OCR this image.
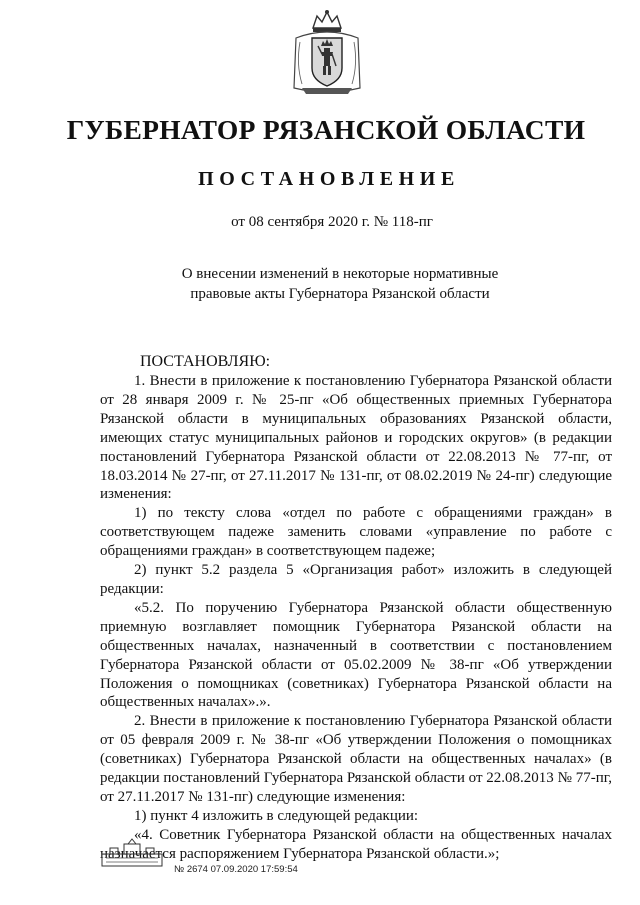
ГУБЕРНАТОР РЯЗАНСКОЙ ОБЛАСТИ
ПОСТАНОВЛЕНИЕ
от 08 сентября 2020 г. № 118-пг
О внесении изменений в некоторые нормативные
правовые акты Губернатора Рязанской области
ПОСТАНОВЛЯЮ:

1. Внести в приложение к постановлению Губернатора Рязанской области от 28 января 2009 г. № 25-пг «Об общественных приемных Губернатора Рязанской области в муниципальных образованиях Рязанской области, имеющих статус муниципальных районов и городских округов» (в редакции постановлений Губернатора Рязанской области от 22.08.2013 № 77-пг, от 18.03.2014 № 27-пг, от 27.11.2017 № 131-пг, от 08.02.2019 № 24-пг) следующие изменения:

1) по тексту слова «отдел по работе с обращениями граждан» в соответствующем падеже заменить словами «управление по работе с обращениями граждан» в соответствующем падеже;

2) пункт 5.2 раздела 5 «Организация работ» изложить в следующей редакции:

«5.2. По поручению Губернатора Рязанской области общественную приемную возглавляет помощник Губернатора Рязанской области на общественных началах, назначенный в соответствии с постановлением Губернатора Рязанской области от 05.02.2009 № 38-пг «Об утверждении Положения о помощниках (советниках) Губернатора Рязанской области на общественных началах».».

2. Внести в приложение к постановлению Губернатора Рязанской области от 05 февраля 2009 г. № 38-пг «Об утверждении Положения о помощниках (советниках) Губернатора Рязанской области на общественных началах» (в редакции постановлений Губернатора Рязанской области от 22.08.2013 № 77-пг, от 27.11.2017 № 131-пг) следующие изменения:

1) пункт 4 изложить в следующей редакции:

«4. Советник Губернатора Рязанской области на общественных началах назначается распоряжением Губернатора Рязанской области.»;

№ 2674 07.09.2020 17:59:54
